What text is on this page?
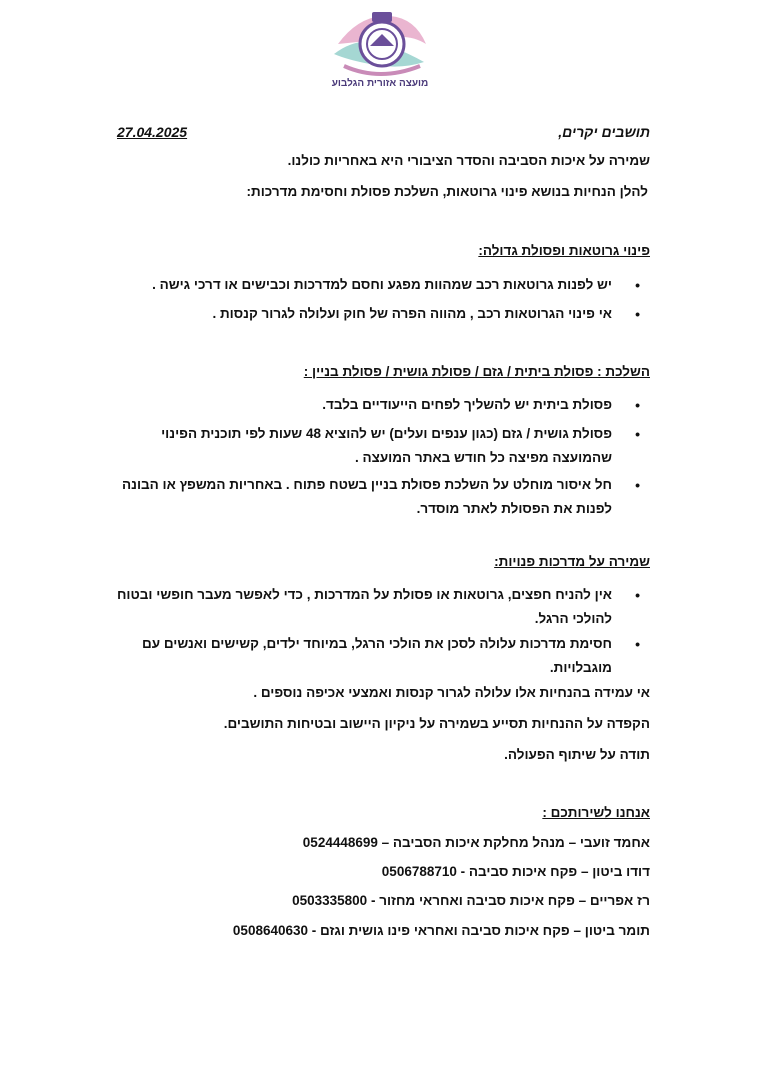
מועצה אזורית הגלבוע
27.04.2025	תושבים יקרים,
שמירה על איכות הסביבה והסדר הציבורי היא באחריות כולנו.
להלן הנחיות בנושא פינוי גרוטאות, השלכת פסולת וחסימת מדרכות:
פינוי גרוטאות ופסולת גדולה:
•
יש לפנות גרוטאות רכב שמהוות מפגע וחסם למדרכות וכבישים או דרכי גישה .
•
אי פינוי הגרוטאות רכב , מהווה הפרה של חוק ועלולה לגרור קנסות .
השלכת : פסולת ביתית / גזם / פסולת גושית / פסולת בניין :
•
פסולת ביתית יש להשליך לפחים הייעודיים בלבד.
•
פסולת גושית / גזם (כגון ענפים ועלים) יש להוציא 48 שעות לפי תוכנית הפינוי שהמועצה מפיצה כל חודש באתר המועצה .
•
חל איסור מוחלט על השלכת פסולת בניין בשטח פתוח . באחריות המשפץ או הבונה לפנות את הפסולת לאתר מוסדר.
שמירה על מדרכות פנויות:
•
אין להניח חפצים, גרוטאות או פסולת על המדרכות , כדי לאפשר מעבר חופשי ובטוח להולכי הרגל.
•
חסימת מדרכות עלולה לסכן את הולכי הרגל, במיוחד ילדים, קשישים ואנשים עם מוגבלויות.
אי עמידה בהנחיות אלו עלולה לגרור קנסות ואמצעי אכיפה נוספים .
הקפדה על ההנחיות תסייע בשמירה על ניקיון היישוב ובטיחות התושבים.
תודה על שיתוף הפעולה.
אנחנו לשירותכם :
אחמד זועבי – מנהל מחלקת איכות הסביבה – 0524448699
דודו ביטון – פקח איכות סביבה - 0506788710
רז אפריים – פקח איכות סביבה ואחראי מחזור - 0503335800
תומר ביטון – פקח איכות סביבה ואחראי פינו גושית וגזם - 0508640630
